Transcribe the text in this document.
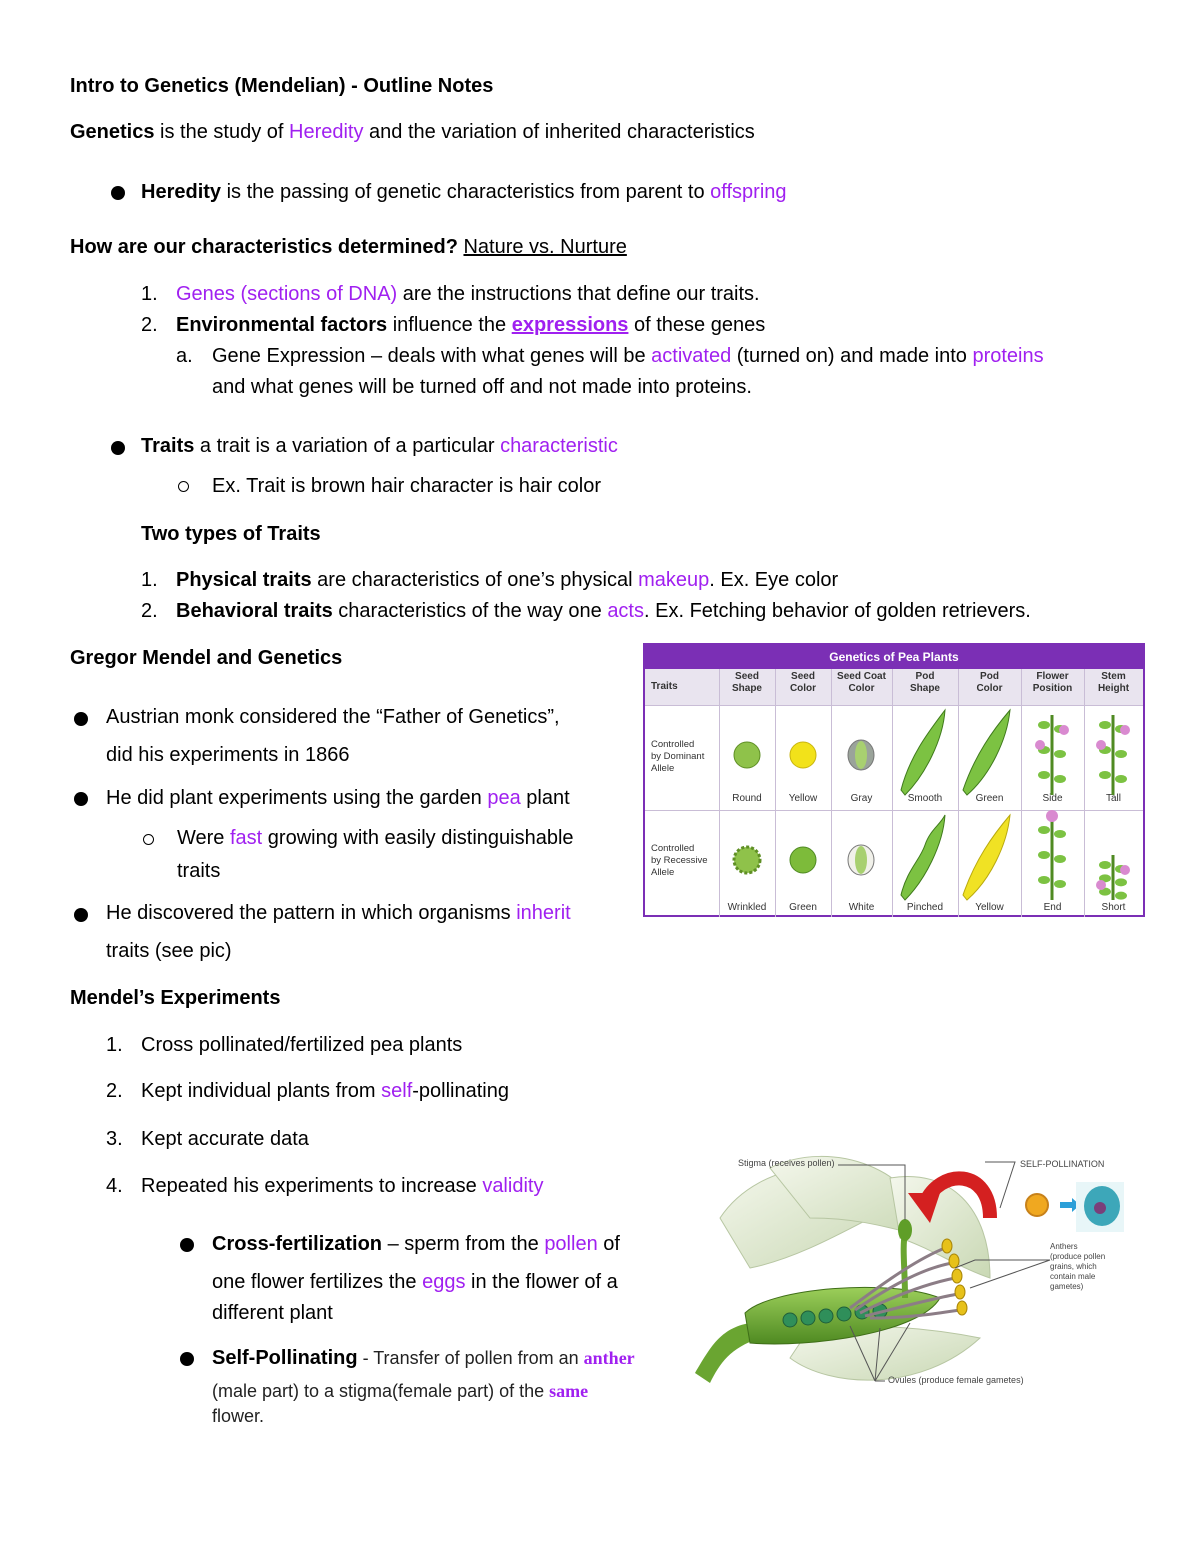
Intro to Genetics (Mendelian) - Outline Notes
Genetics is the study of Heredity and the variation of inherited characteristics
Heredity is the passing of genetic characteristics from parent to offspring
How are our characteristics determined? Nature vs. Nurture
1. Genes (sections of DNA) are the instructions that define our traits.
2. Environmental factors influence the expressions of these genes
a. Gene Expression – deals with what genes will be activated (turned on) and made into proteins
and what genes will be turned off and not made into proteins.
Traits a trait is a variation of a particular characteristic
Ex. Trait is brown hair character is hair color
Two types of Traits
1. Physical traits are characteristics of one’s physical makeup. Ex. Eye color
2. Behavioral traits characteristics of the way one acts. Ex. Fetching behavior of golden retrievers.
Gregor Mendel and Genetics
Austrian monk considered the “Father of Genetics”,
did his experiments in 1866
He did plant experiments using the garden pea plant
Were fast growing with easily distinguishable
traits
He discovered the pattern in which organisms inherit
traits (see pic)
Genetics of Pea Plants
Traits
Seed
Shape
Round
Wrinkled
Seed
Color
Yellow
Green
Seed Coat
Color
Gray
White
Pod
Shape
Smooth
Pinched
Pod
Color
Green
Yellow
Flower
Position
Side
End
Stem
Height
Tall
Short
Controlled
by Dominant
Allele
Controlled
by Recessive
Allele
Mendel’s Experiments
1. Cross pollinated/fertilized pea plants
2. Kept individual plants from self-pollinating
3. Kept accurate data
4. Repeated his experiments to increase validity
Cross-fertilization – sperm from the pollen of
one flower fertilizes the eggs in the flower of a
different plant
Self-Pollinating - Transfer of pollen from an anther
(male part) to a stigma(female part) of the same
flower.
Stigma (receives pollen)	SELF-POLLINATION
Anthers
(produce pollen
grains, which
contain male
gametes)
Ovules (produce female gametes)
